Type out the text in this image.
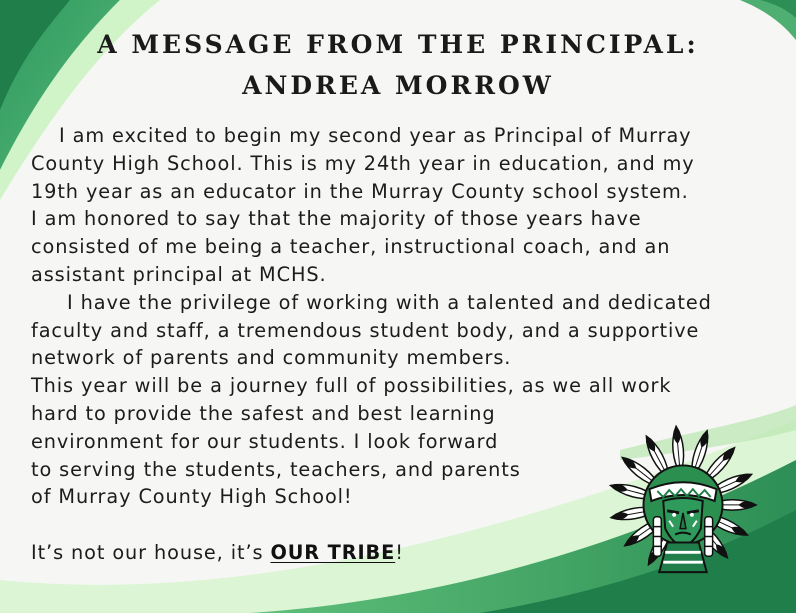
A MESSAGE FROM THE PRINCIPAL:
ANDREA MORROW
I am excited to begin my second year as Principal of Murray
County High School. This is my 24th year in education, and my
19th year as an educator in the Murray County school system.
I am honored to say that the majority of those years have
consisted of me being a teacher, instructional coach, and an
assistant principal at MCHS.
I have the privilege of working with a talented and dedicated
faculty and staff, a tremendous student body, and a supportive
network of parents and community members.
This year will be a journey full of possibilities, as we all work
hard to provide the safest and best learning
environment for our students. I look forward
to serving the students, teachers, and parents
of Murray County High School!
It’s not our house, it’s OUR TRIBE!
